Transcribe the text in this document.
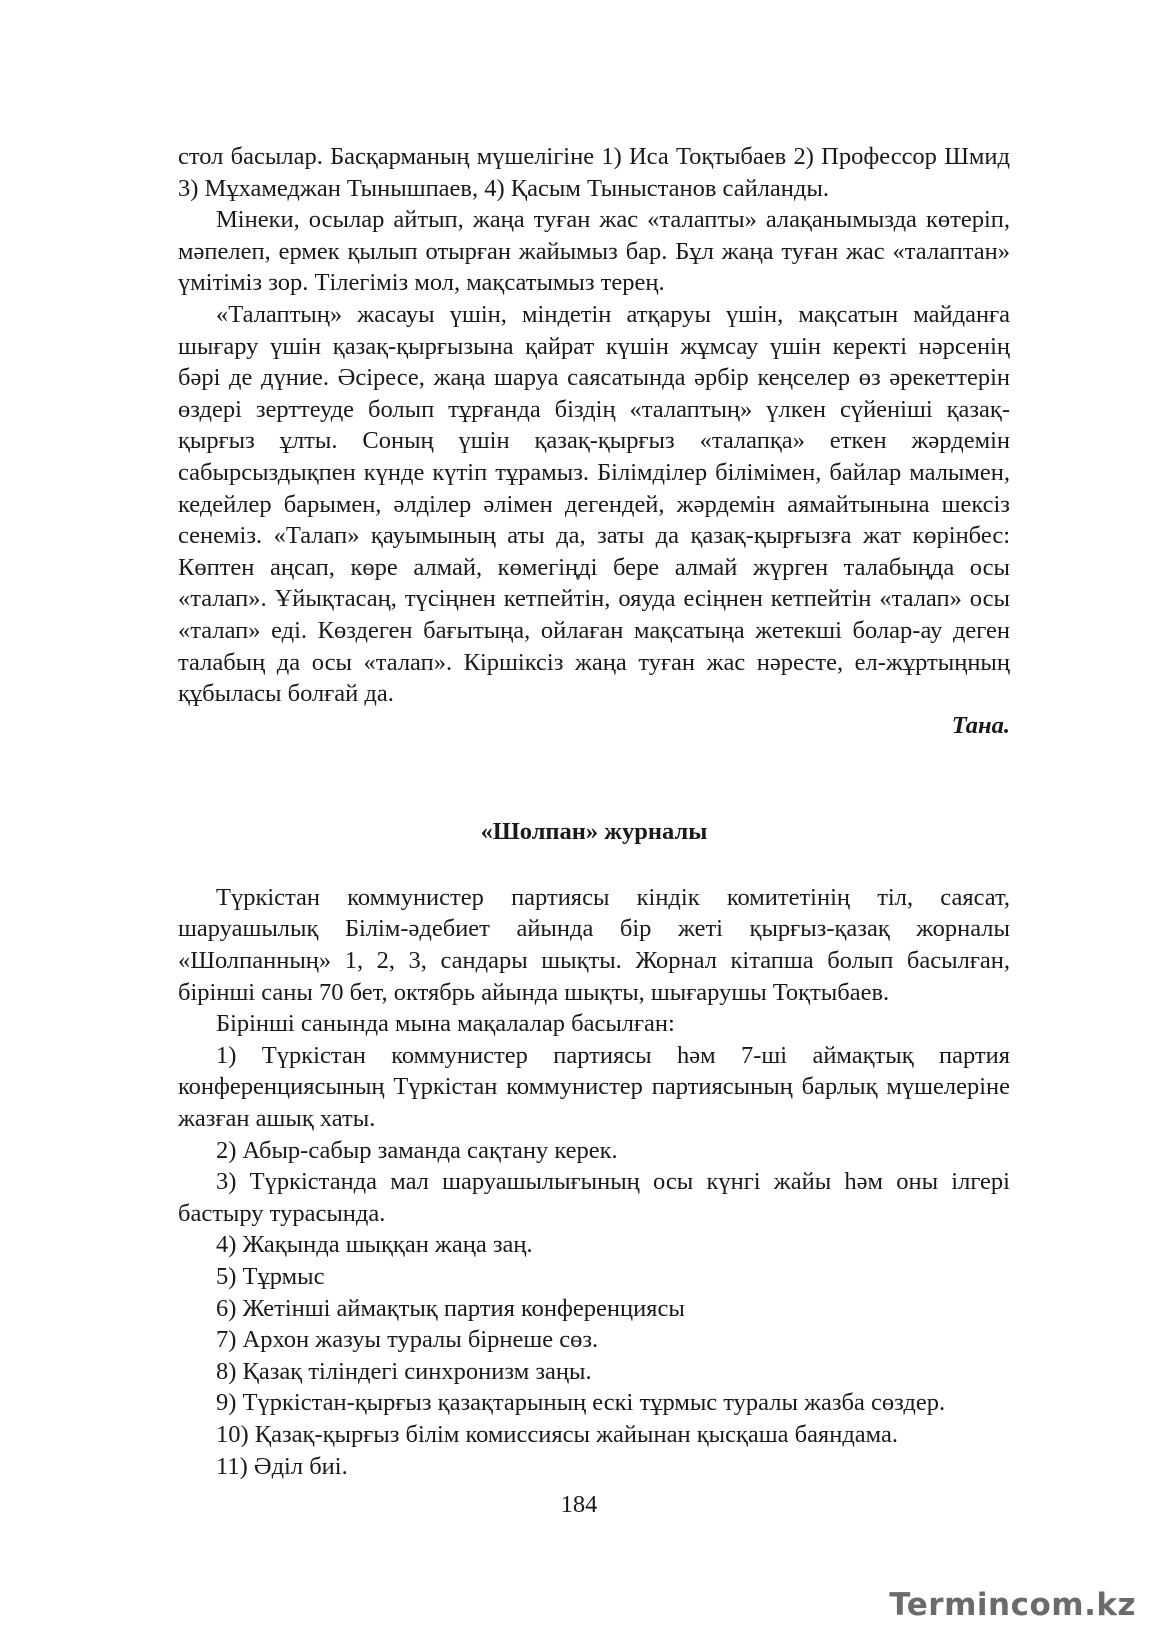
стол басылар. Басқарманың мүшелігіне 1) Иса Тоқтыбаев 2) Профессор Шмид 3) Мұхамеджан Тынышпаев, 4) Қасым Тыныстанов сайланды.

Мінеки, осылар айтып, жаңа туған жас «талапты» алақанымызда көтеріп, мәпелеп, ермек қылып отырған жайымыз бар. Бұл жаңа туған жас «талаптан» үмітіміз зор. Тілегіміз мол, мақсатымыз терең.

«Талаптың» жасауы үшін, міндетін атқаруы үшін, мақсатын майданға шығару үшін қазақ-қырғызына қайрат күшін жұмсау үшін керекті нәрсенің бәрі де дүние. Әсіресе, жаңа шаруа саясатында әрбір кеңселер өз әрекеттерін өздері зерттеуде болып тұрғанда біздің «талаптың» үлкен сүйеніші қазақ-қырғыз ұлты. Соның үшін қазақ-қырғыз «талапқа» еткен жәрдемін сабырсыздықпен күнде күтіп тұрамыз. Білімділер білімімен, байлар малымен, кедейлер барымен, әлділер әлімен дегендей, жәрдемін аямайтынына шексіз сенеміз. «Талап» қауымының аты да, заты да қазақ-қырғызға жат көрінбес: Көптен аңсап, көре алмай, көмегіңді бере алмай жүрген талабыңда осы «талап». Ұйықтасаң, түсіңнен кетпейтін, ояуда есіңнен кетпейтін «талап» осы «талап» еді. Көздеген бағытыңа, ойлаған мақсатыңа жетекші болар-ау деген талабың да осы «талап». Кіршіксіз жаңа туған жас нәресте, ел-жұртыңның құбыласы болғай да.

Тана.

«Шолпан» журналы

Түркістан коммунистер партиясы кіндік комитетінің тіл, саясат, шаруашылық Білім-әдебиет айында бір жеті қырғыз-қазақ жорналы «Шолпанның» 1, 2, 3, сандары шықты. Жорнал кітапша болып басылған, бірінші саны 70 бет, октябрь айында шықты, шығарушы Тоқтыбаев.

Бірінші санында мына мақалалар басылған:

1) Түркістан коммунистер партиясы һәм 7-ші аймақтық партия конференциясының Түркістан коммунистер партиясының барлық мүшелеріне жазған ашық хаты.
2) Абыр-сабыр заманда сақтану керек.
3) Түркістанда мал шаруашылығының осы күнгі жайы һәм оны ілгері бастыру турасында.
4) Жақында шыққан жаңа заң.
5) Тұрмыс
6) Жетінші аймақтық партия конференциясы
7) Архон жазуы туралы бірнеше сөз.
8) Қазақ тіліндегі синхронизм заңы.
9) Түркістан-қырғыз қазақтарының ескі тұрмыс туралы жазба сөздер.
10) Қазақ-қырғыз білім комиссиясы жайынан қысқаша баяндама.
11) Әділ биі.
184
Termincom.kz
